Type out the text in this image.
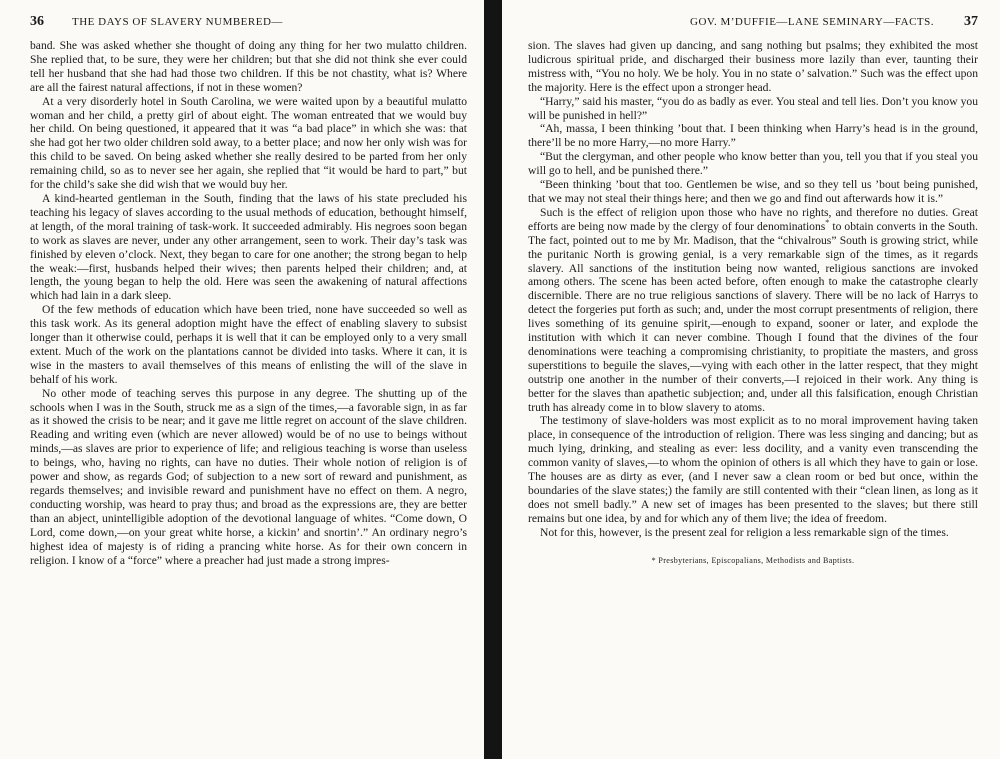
36	THE DAYS OF SLAVERY NUMBERED—

band. She was asked whether she thought of doing any thing for her two mulatto children. She replied that, to be sure, they were her children; but that she did not think she ever could tell her husband that she had had those two children. If this be not chastity, what is? Where are all the fairest natural affections, if not in these women?

At a very disorderly hotel in South Carolina, we were waited upon by a beautiful mulatto woman and her child, a pretty girl of about eight. The woman entreated that we would buy her child. On being questioned, it appeared that it was “a bad place” in which she was: that she had got her two older children sold away, to a better place; and now her only wish was for this child to be saved. On being asked whether she really desired to be parted from her only remaining child, so as to never see her again, she replied that “it would be hard to part,” but for the child’s sake she did wish that we would buy her.

A kind-hearted gentleman in the South, finding that the laws of his state precluded his teaching his legacy of slaves according to the usual methods of education, bethought himself, at length, of the moral training of task-work. It succeeded admirably. His negroes soon began to work as slaves are never, under any other arrangement, seen to work. Their day’s task was finished by eleven o’clock. Next, they began to care for one another; the strong began to help the weak:—first, husbands helped their wives; then parents helped their children; and, at length, the young began to help the old. Here was seen the awakening of natural affections which had lain in a dark sleep.

Of the few methods of education which have been tried, none have succeeded so well as this task work. As its general adoption might have the effect of enabling slavery to subsist longer than it otherwise could, perhaps it is well that it can be employed only to a very small extent. Much of the work on the plantations cannot be divided into tasks. Where it can, it is wise in the masters to avail themselves of this means of enlisting the will of the slave in behalf of his work.

No other mode of teaching serves this purpose in any degree. The shutting up of the schools when I was in the South, struck me as a sign of the times,—a favorable sign, in as far as it showed the crisis to be near; and it gave me little regret on account of the slave children. Reading and writing even (which are never allowed) would be of no use to beings without minds,—as slaves are prior to experience of life; and religious teaching is worse than useless to beings, who, having no rights, can have no duties. Their whole notion of religion is of power and show, as regards God; of subjection to a new sort of reward and punishment, as regards themselves; and invisible reward and punishment have no effect on them. A negro, conducting worship, was heard to pray thus; and broad as the expressions are, they are better than an abject, unintelligible adoption of the devotional language of whites. “Come down, O Lord, come down,—on your great white horse, a kickin’ and snortin’.” An ordinary negro’s highest idea of majesty is of riding a prancing white horse. As for their own concern in religion. I know of a “force” where a preacher had just made a strong impres-

GOV. M’DUFFIE—LANE SEMINARY—FACTS.	37

sion. The slaves had given up dancing, and sang nothing but psalms; they exhibited the most ludicrous spiritual pride, and discharged their business more lazily than ever, taunting their mistress with, “You no holy. We be holy. You in no state o’ salvation.” Such was the effect upon the majority. Here is the effect upon a stronger head.

“Harry,” said his master, “you do as badly as ever. You steal and tell lies. Don’t you know you will be punished in hell?”

“Ah, massa, I been thinking ’bout that. I been thinking when Harry’s head is in the ground, there’ll be no more Harry,—no more Harry.”

“But the clergyman, and other people who know better than you, tell you that if you steal you will go to hell, and be punished there.”

“Been thinking ’bout that too. Gentlemen be wise, and so they tell us ’bout being punished, that we may not steal their things here; and then we go and find out afterwards how it is.”

Such is the effect of religion upon those who have no rights, and therefore no duties. Great efforts are being now made by the clergy of four denominations* to obtain converts in the South. The fact, pointed out to me by Mr. Madison, that the “chivalrous” South is growing strict, while the puritanic North is growing genial, is a very remarkable sign of the times, as it regards slavery. All sanctions of the institution being now wanted, religious sanctions are invoked among others. The scene has been acted before, often enough to make the catastrophe clearly discernible. There are no true religious sanctions of slavery. There will be no lack of Harrys to detect the forgeries put forth as such; and, under the most corrupt presentments of religion, there lives something of its genuine spirit,—enough to expand, sooner or later, and explode the institution with which it can never combine. Though I found that the divines of the four denominations were teaching a compromising christianity, to propitiate the masters, and gross superstitions to beguile the slaves,—vying with each other in the latter respect, that they might outstrip one another in the number of their converts,—I rejoiced in their work. Any thing is better for the slaves than apathetic subjection; and, under all this falsification, enough Christian truth has already come in to blow slavery to atoms.

The testimony of slave-holders was most explicit as to no moral improvement having taken place, in consequence of the introduction of religion. There was less singing and dancing; but as much lying, drinking, and stealing as ever: less docility, and a vanity even transcending the common vanity of slaves,—to whom the opinion of others is all which they have to gain or lose. The houses are as dirty as ever, (and I never saw a clean room or bed but once, within the boundaries of the slave states;) the family are still contented with their “clean linen, as long as it does not smell badly.” A new set of images has been presented to the slaves; but there still remains but one idea, by and for which any of them live; the idea of freedom.

Not for this, however, is the present zeal for religion a less remarkable sign of the times.

* Presbyterians, Episcopalians, Methodists and Baptists.
